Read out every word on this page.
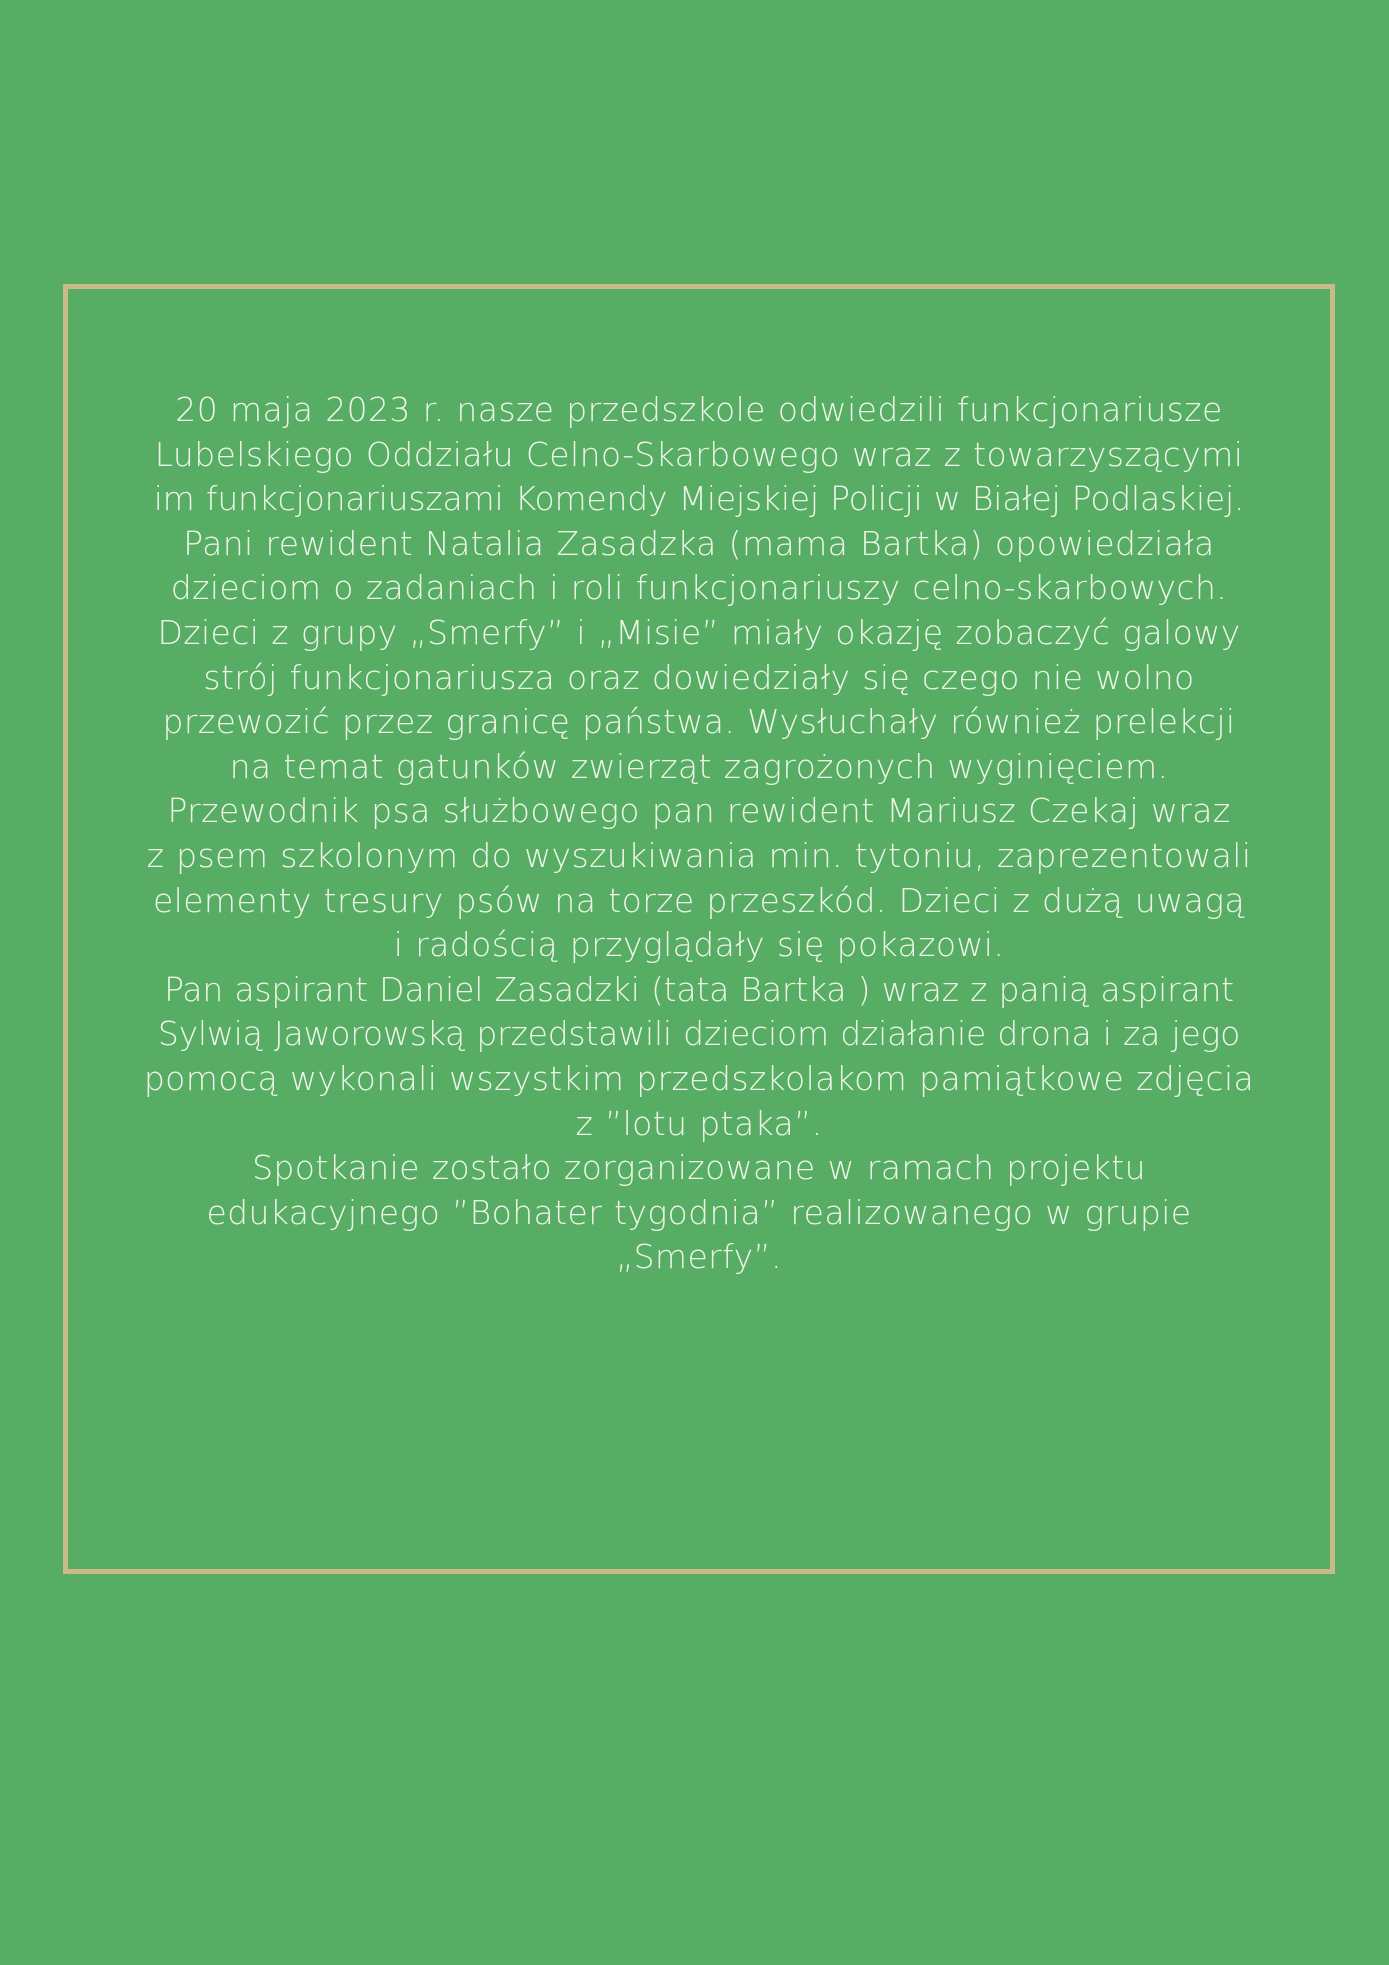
20 maja 2023 r. nasze przedszkole odwiedzili funkcjonariusze
Lubelskiego Oddziału Celno-Skarbowego wraz z towarzyszącymi
im funkcjonariuszami Komendy Miejskiej Policji w Białej Podlaskiej.
Pani rewident Natalia Zasadzka (mama Bartka) opowiedziała
dzieciom o zadaniach i roli funkcjonariuszy celno-skarbowych.
Dzieci z grupy „Smerfy” i „Misie” miały okazję zobaczyć galowy
strój funkcjonariusza oraz dowiedziały się czego nie wolno
przewozić przez granicę państwa. Wysłuchały również prelekcji
na temat gatunków zwierząt zagrożonych wyginięciem.
Przewodnik psa służbowego pan rewident Mariusz Czekaj wraz
z psem szkolonym do wyszukiwania min. tytoniu, zaprezentowali
elementy tresury psów na torze przeszkód. Dzieci z dużą uwagą
i radością przyglądały się pokazowi.
Pan aspirant Daniel Zasadzki (tata Bartka ) wraz z panią aspirant
Sylwią Jaworowską przedstawili dzieciom działanie drona i za jego
pomocą wykonali wszystkim przedszkolakom pamiątkowe zdjęcia
z ”lotu ptaka”.
Spotkanie zostało zorganizowane w ramach projektu
edukacyjnego ”Bohater tygodnia” realizowanego w grupie
„Smerfy”.
